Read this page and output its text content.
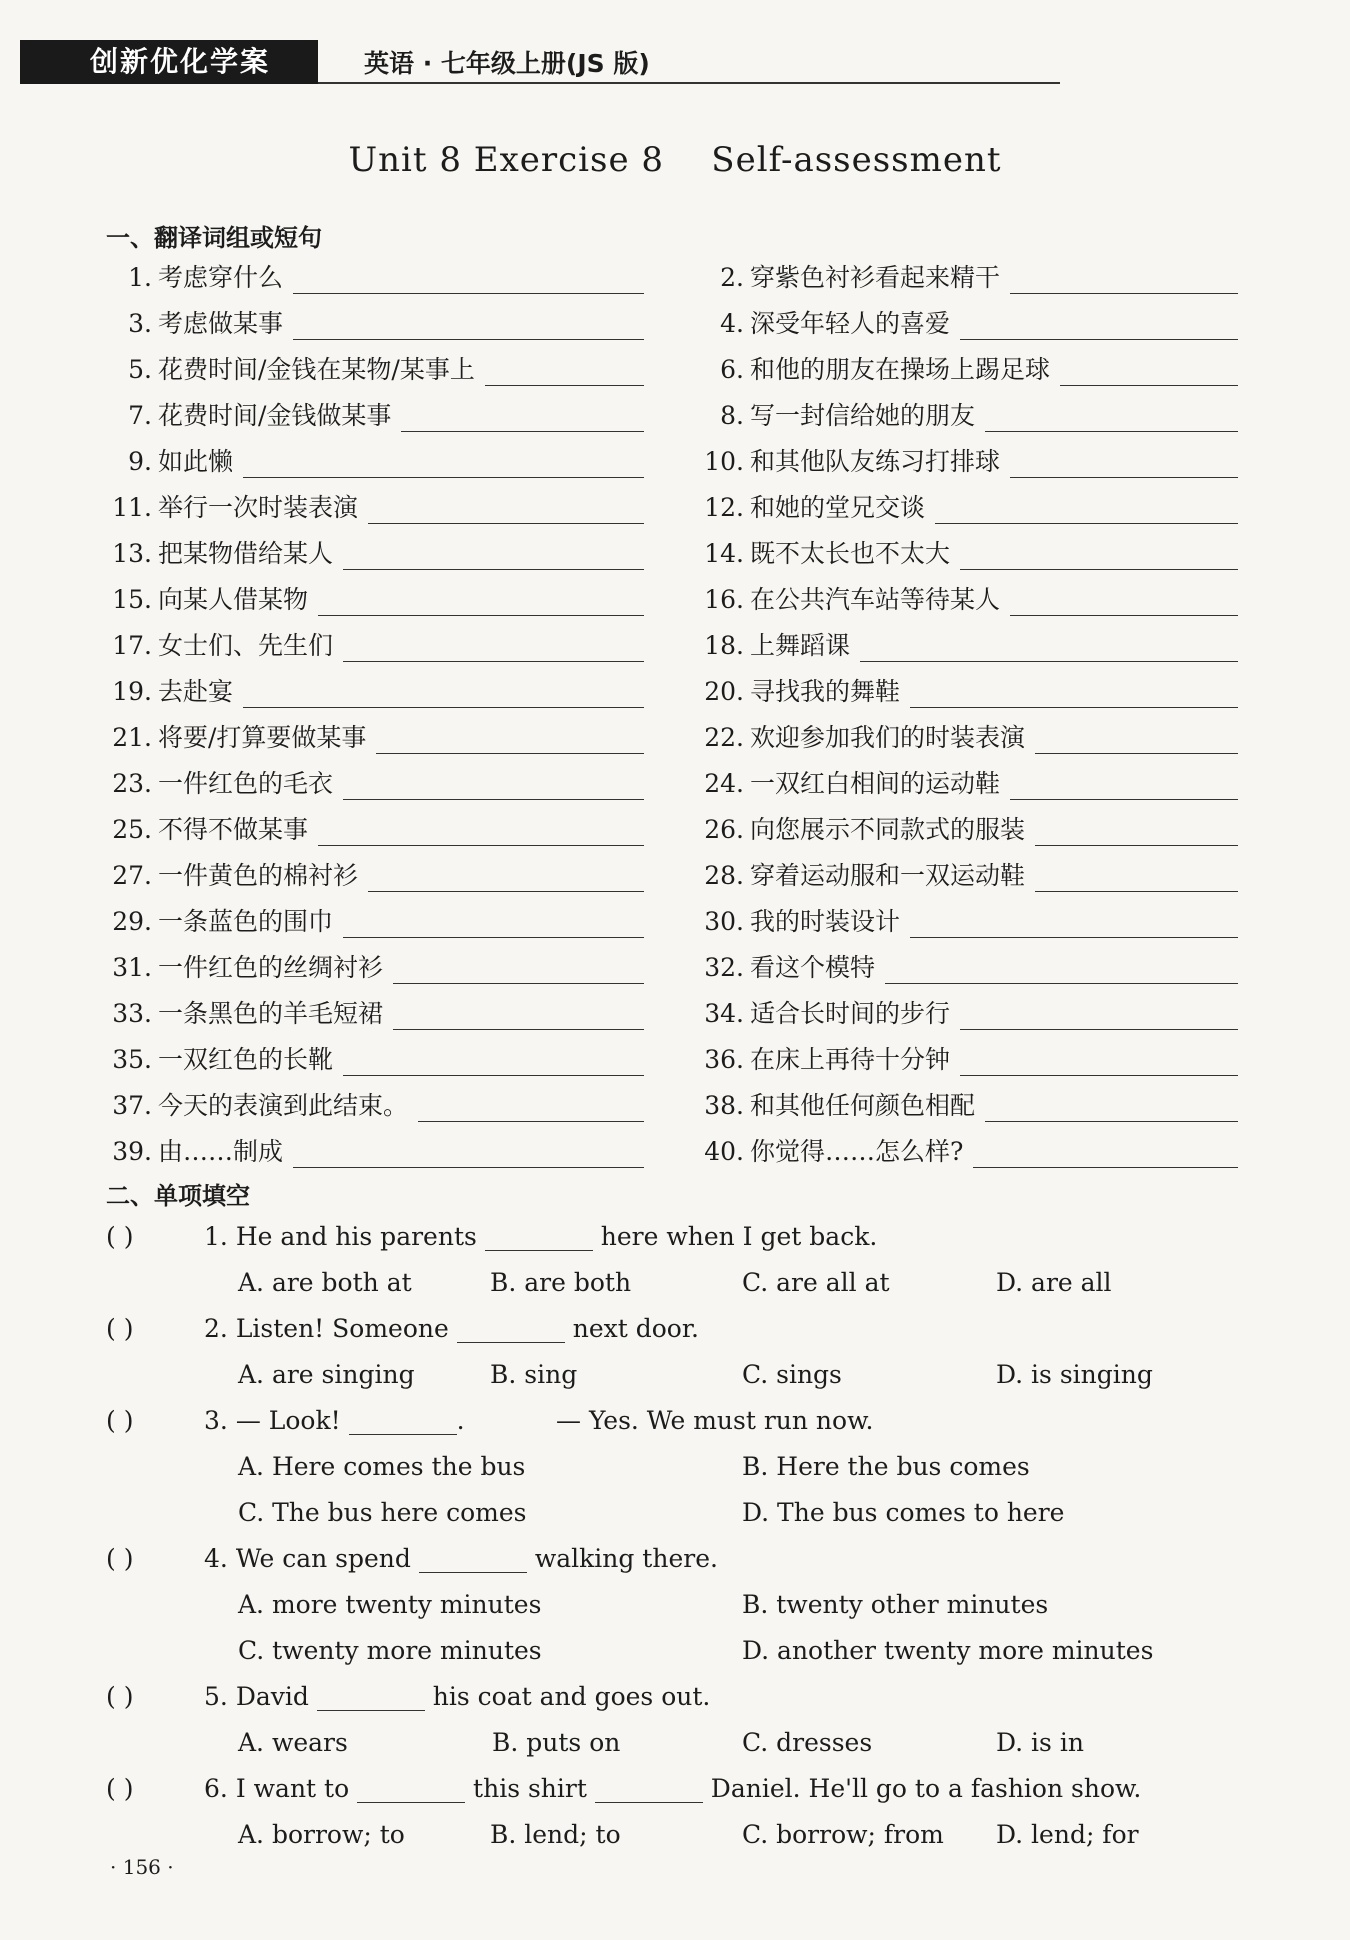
创新优化学案	英语 · 七年级上册(JS 版)
Unit 8 Exercise 8    Self-assessment
一、翻译词组或短句
1. 考虑穿什么	2. 穿紫色衬衫看起来精干
3. 考虑做某事	4. 深受年轻人的喜爱
5. 花费时间/金钱在某物/某事上	6. 和他的朋友在操场上踢足球
7. 花费时间/金钱做某事	8. 写一封信给她的朋友
9. 如此懒	10. 和其他队友练习打排球
11. 举行一次时装表演	12. 和她的堂兄交谈
13. 把某物借给某人	14. 既不太长也不太大
15. 向某人借某物	16. 在公共汽车站等待某人
17. 女士们、先生们	18. 上舞蹈课
19. 去赴宴	20. 寻找我的舞鞋
21. 将要/打算要做某事	22. 欢迎参加我们的时装表演
23. 一件红色的毛衣	24. 一双红白相间的运动鞋
25. 不得不做某事	26. 向您展示不同款式的服装
27. 一件黄色的棉衬衫	28. 穿着运动服和一双运动鞋
29. 一条蓝色的围巾	30. 我的时装设计
31. 一件红色的丝绸衬衫	32. 看这个模特
33. 一条黑色的羊毛短裙	34. 适合长时间的步行
35. 一双红色的长靴	36. 在床上再待十分钟
37. 今天的表演到此结束。	38. 和其他任何颜色相配
39. 由……制成	40. 你觉得……怎么样?
二、单项填空
( )	1. He and his parents	here when I get back.
A. are both at	B. are both	C. are all at	D. are all
( )	2. Listen! Someone	next door.
A. are singing	B. sing	C. sings	D. is singing
( )	3. — Look!	.	— Yes. We must run now.
A. Here comes the bus	B. Here the bus comes
C. The bus here comes	D. The bus comes to here
( )	4. We can spend	walking there.
A. more twenty minutes	B. twenty other minutes
C. twenty more minutes	D. another twenty more minutes
( )	5. David	his coat and goes out.
A. wears	B. puts on	C. dresses	D. is in
( )	6. I want to	this shirt	Daniel. He'll go to a fashion show.
A. borrow; to	B. lend; to	C. borrow; from D. lend; for
· 156 ·
